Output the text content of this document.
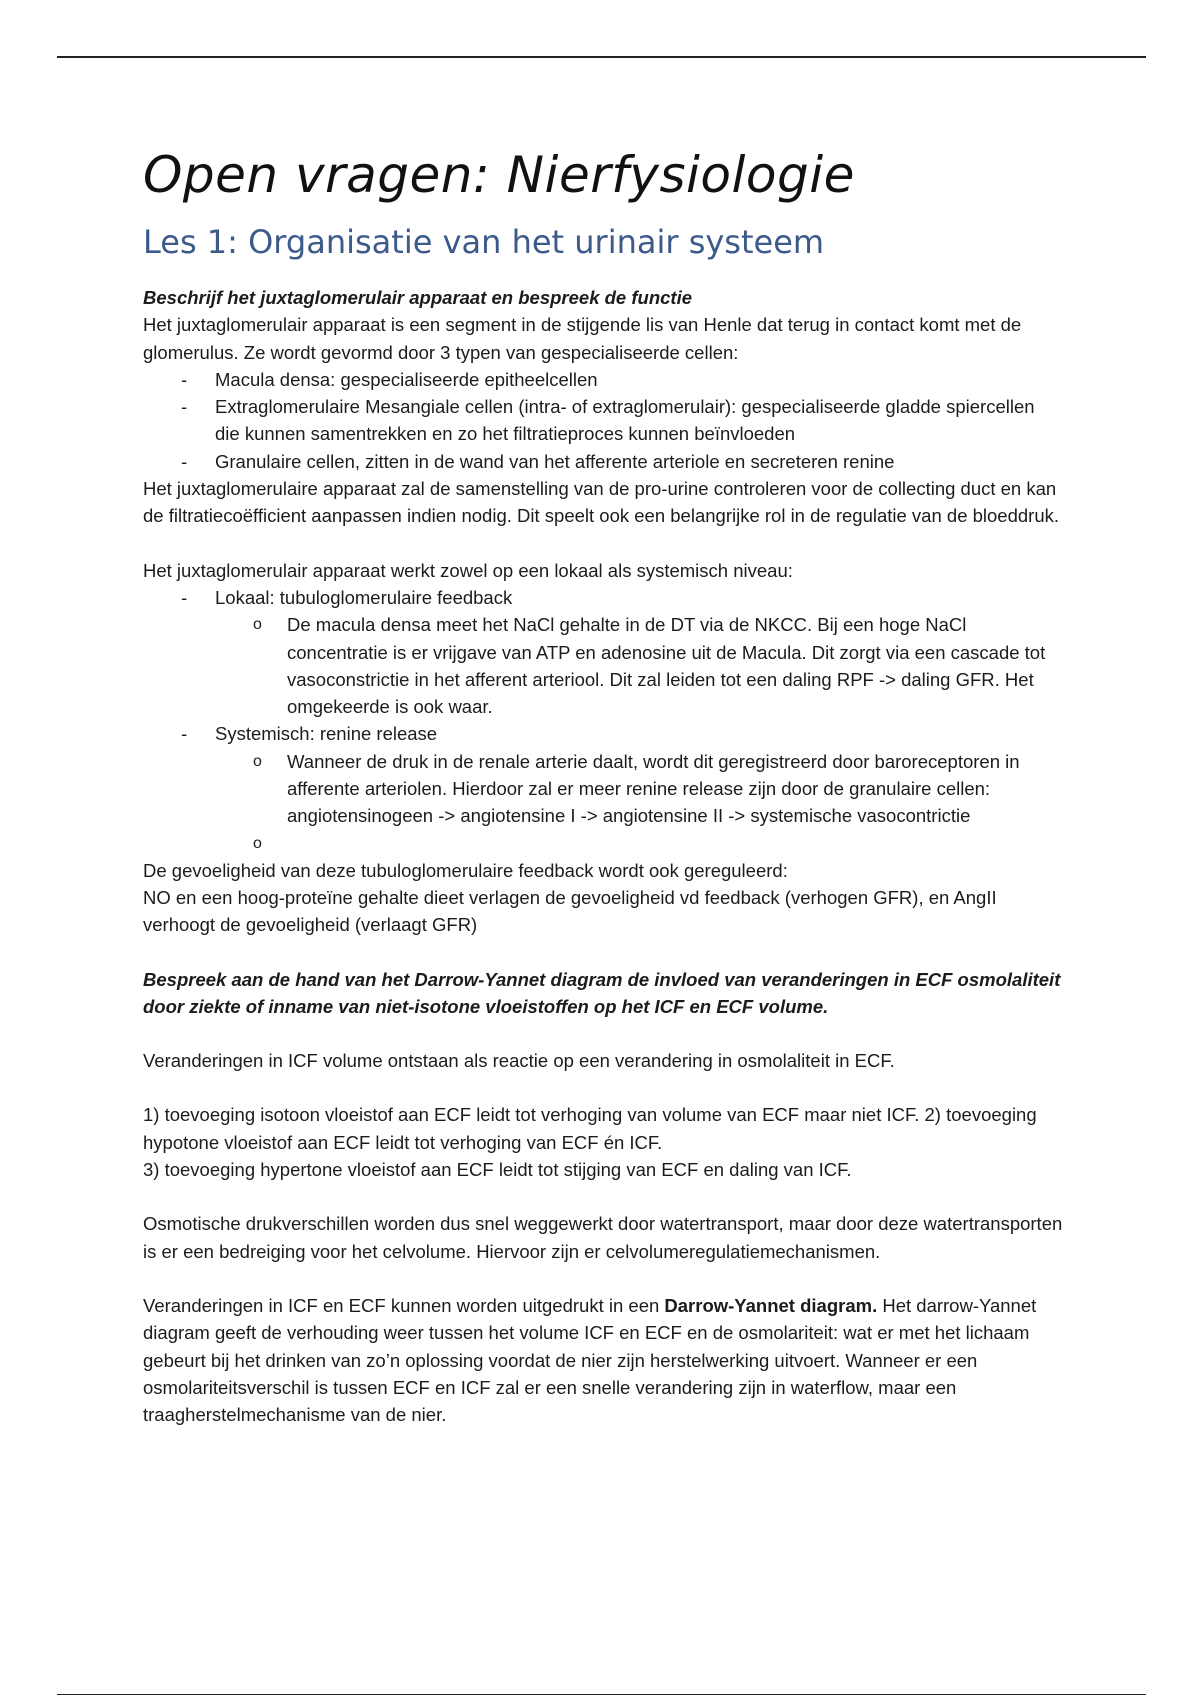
Open vragen: Nierfysiologie
Les 1: Organisatie van het urinair systeem

Beschrijf het juxtaglomerulair apparaat en bespreek de functie

Het juxtaglomerulair apparaat is een segment in de stijgende lis van Henle dat terug in contact komt met de glomerulus. Ze wordt gevormd door 3 typen van gespecialiseerde cellen:

- Macula densa: gespecialiseerde epitheelcellen
- Extraglomerulaire Mesangiale cellen (intra- of extraglomerulair): gespecialiseerde gladde spiercellen die kunnen samentrekken en zo het filtratieproces kunnen beïnvloeden
- Granulaire cellen, zitten in de wand van het afferente arteriole en secreteren renine

Het juxtaglomerulaire apparaat zal de samenstelling van de pro-urine controleren voor de collecting duct en kan de filtratiecoëfficient aanpassen indien nodig. Dit speelt ook een belangrijke rol in de regulatie van de bloeddruk.

Het juxtaglomerulair apparaat werkt zowel op een lokaal als systemisch niveau:

- Lokaal: tubuloglomerulaire feedback
o De macula densa meet het NaCl gehalte in de DT via de NKCC. Bij een hoge NaCl concentratie is er vrijgave van ATP en adenosine uit de Macula. Dit zorgt via een cascade tot vasoconstrictie in het afferent arteriool. Dit zal leiden tot een daling RPF -> daling GFR. Het omgekeerde is ook waar.
- Systemisch: renine release
o Wanneer de druk in de renale arterie daalt, wordt dit geregistreerd door baroreceptoren in afferente arteriolen. Hierdoor zal er meer renine release zijn door de granulaire cellen: angiotensinogeen -> angiotensine I -> angiotensine II -> systemische vasocontrictie
o

De gevoeligheid van deze tubuloglomerulaire feedback wordt ook gereguleerd:

NO en een hoog-proteïne gehalte dieet verlagen de gevoeligheid vd feedback (verhogen GFR), en AngII verhoogt de gevoeligheid (verlaagt GFR)

Bespreek aan de hand van het Darrow-Yannet diagram de invloed van veranderingen in ECF osmolaliteit door ziekte of inname van niet-isotone vloeistoffen op het ICF en ECF volume.

Veranderingen in ICF volume ontstaan als reactie op een verandering in osmolaliteit in ECF.

1) toevoeging isotoon vloeistof aan ECF leidt tot verhoging van volume van ECF maar niet ICF. 2) toevoeging hypotone vloeistof aan ECF leidt tot verhoging van ECF én ICF.

3) toevoeging hypertone vloeistof aan ECF leidt tot stijging van ECF en daling van ICF.

Osmotische drukverschillen worden dus snel weggewerkt door watertransport, maar door deze watertransporten is er een bedreiging voor het celvolume. Hiervoor zijn er celvolumeregulatiemechanismen.

Veranderingen in ICF en ECF kunnen worden uitgedrukt in een Darrow-Yannet diagram. Het darrow-Yannet diagram geeft de verhouding weer tussen het volume ICF en ECF en de osmolariteit: wat er met het lichaam gebeurt bij het drinken van zo’n oplossing voordat de nier zijn herstelwerking uitvoert. Wanneer er een osmolariteitsverschil is tussen ECF en ICF zal er een snelle verandering zijn in waterflow, maar een traagherstelmechanisme van de nier.
